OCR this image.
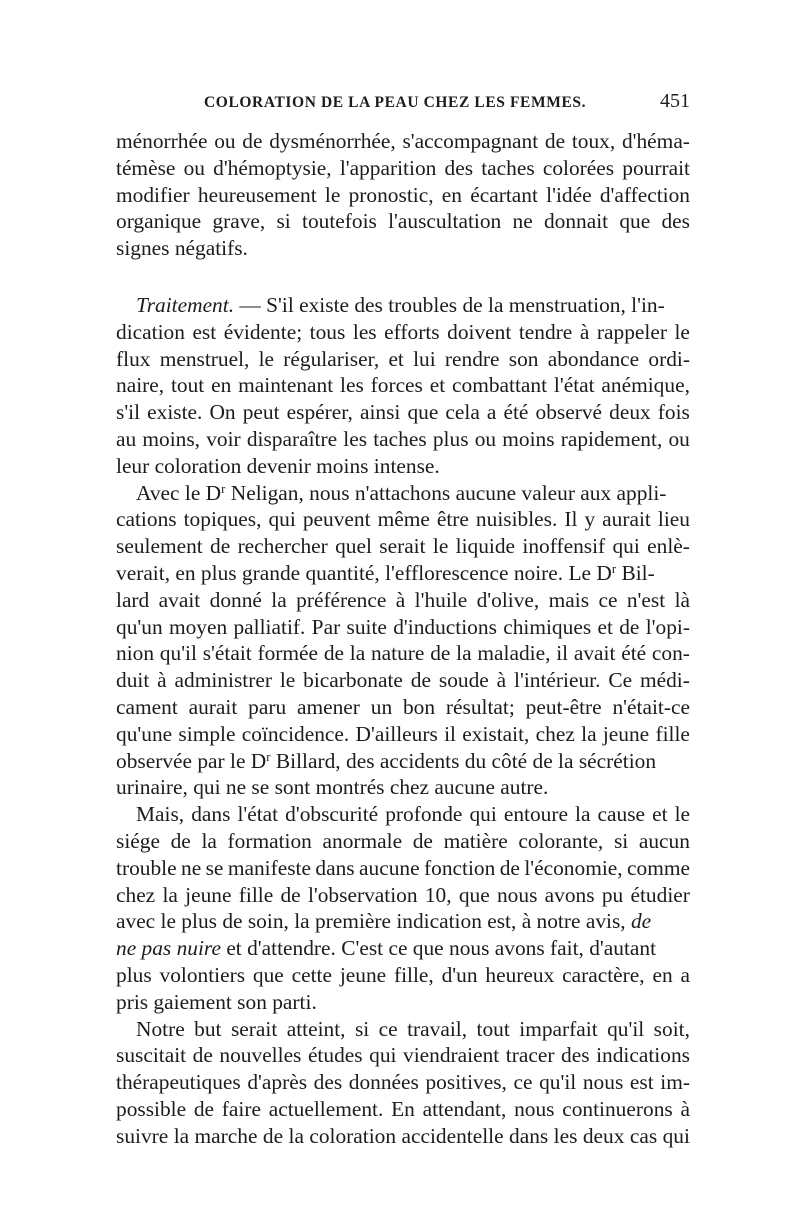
COLORATION DE LA PEAU CHEZ LES FEMMES.	451
ménorrhée ou de dysménorrhée, s'accompagnant de toux, d'héma-
témèse ou d'hémoptysie, l'apparition des taches colorées pourrait
modifier heureusement le pronostic, en écartant l'idée d'affection
organique grave, si toutefois l'auscultation ne donnait que des
signes négatifs.
Traitement. — S'il existe des troubles de la menstruation, l'in-
dication est évidente; tous les efforts doivent tendre à rappeler le
flux menstruel, le régulariser, et lui rendre son abondance ordi-
naire, tout en maintenant les forces et combattant l'état anémique,
s'il existe. On peut espérer, ainsi que cela a été observé deux fois
au moins, voir disparaître les taches plus ou moins rapidement, ou
leur coloration devenir moins intense.
Avec le $D^r$ Neligan, nous n'attachons aucune valeur aux appli-
cations topiques, qui peuvent même être nuisibles. Il y aurait lieu
seulement de rechercher quel serait le liquide inoffensif qui enlè-
verait, en plus grande quantité, l'efflorescence noire. Le $D^r$ Bil-
lard avait donné la préférence à l'huile d'olive, mais ce n'est là
qu'un moyen palliatif. Par suite d'inductions chimiques et de l'opi-
nion qu'il s'était formée de la nature de la maladie, il avait été con-
duit à administrer le bicarbonate de soude à l'intérieur. Ce médi-
cament aurait paru amener un bon résultat; peut-être n'était-ce
qu'une simple coïncidence. D'ailleurs il existait, chez la jeune fille
observée par le $D^r$ Billard, des accidents du côté de la sécrétion
urinaire, qui ne se sont montrés chez aucune autre.
Mais, dans l'état d'obscurité profonde qui entoure la cause et le
siége de la formation anormale de matière colorante, si aucun
trouble ne se manifeste dans aucune fonction de l'économie, comme
chez la jeune fille de l'observation 10, que nous avons pu étudier
avec le plus de soin, la première indication est, à notre avis, de
ne pas nuire et d'attendre. C'est ce que nous avons fait, d'autant
plus volontiers que cette jeune fille, d'un heureux caractère, en a
pris gaiement son parti.
Notre but serait atteint, si ce travail, tout imparfait qu'il soit,
suscitait de nouvelles études qui viendraient tracer des indications
thérapeutiques d'après des données positives, ce qu'il nous est im-
possible de faire actuellement. En attendant, nous continuerons à
suivre la marche de la coloration accidentelle dans les deux cas qui
